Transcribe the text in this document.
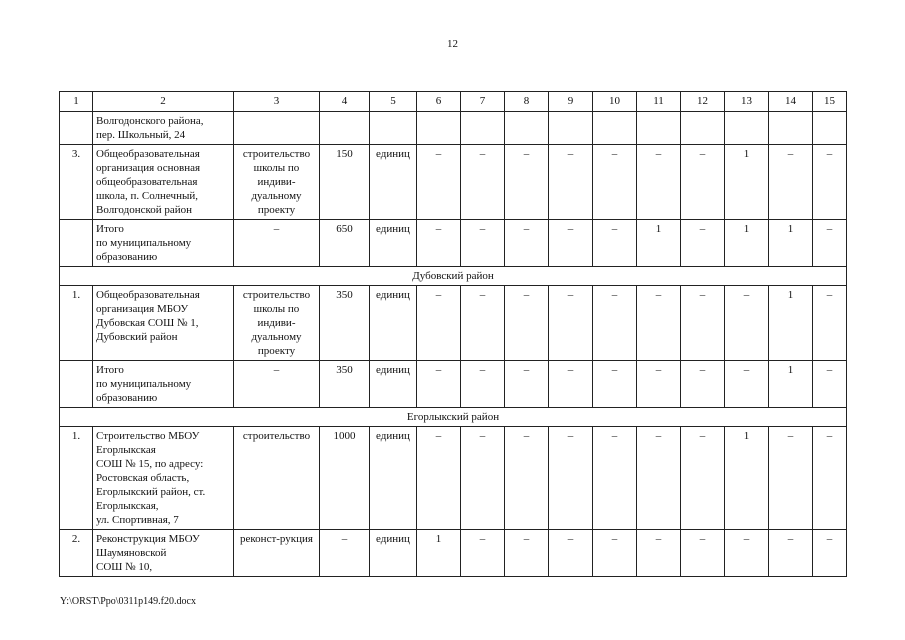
12
1	2	3	4	5	6	7	8	9	10	11	12	13	14	15
	Волгодонского района,
пер. Школьный, 24													
3.	Общеобразовательная организация основная общеобразовательная школа, п. Солнечный, Волгодонской район	строительство школы по индиви-дуальному проекту	150	единиц	–	–	–	–	–	–	–	1	–	–
	Итого
по муниципальному образованию	–	650	единиц	–	–	–	–	–	1	–	1	1	–
Дубовский район														
1.	Общеобразовательная организация МБОУ Дубовская СОШ № 1, Дубовский район	строительство школы по индиви-дуальному проекту	350	единиц	–	–	–	–	–	–	–	–	1	–
	Итого
по муниципальному образованию	–	350	единиц	–	–	–	–	–	–	–	–	1	–
Егорлыкский район														
1.	Строительство МБОУ Егорлыкская
СОШ № 15, по адресу: Ростовская область, Егорлыкский район, ст. Егорлыкская,
ул. Спортивная, 7	строительство	1000	единиц	–	–	–	–	–	–	–	1	–	–
2.	Реконструкция МБОУ Шаумяновской
СОШ № 10,	реконст-рукция	–	единиц	1	–	–	–	–	–	–	–	–	–
Y:\ORST\Ppo\0311p149.f20.docx
